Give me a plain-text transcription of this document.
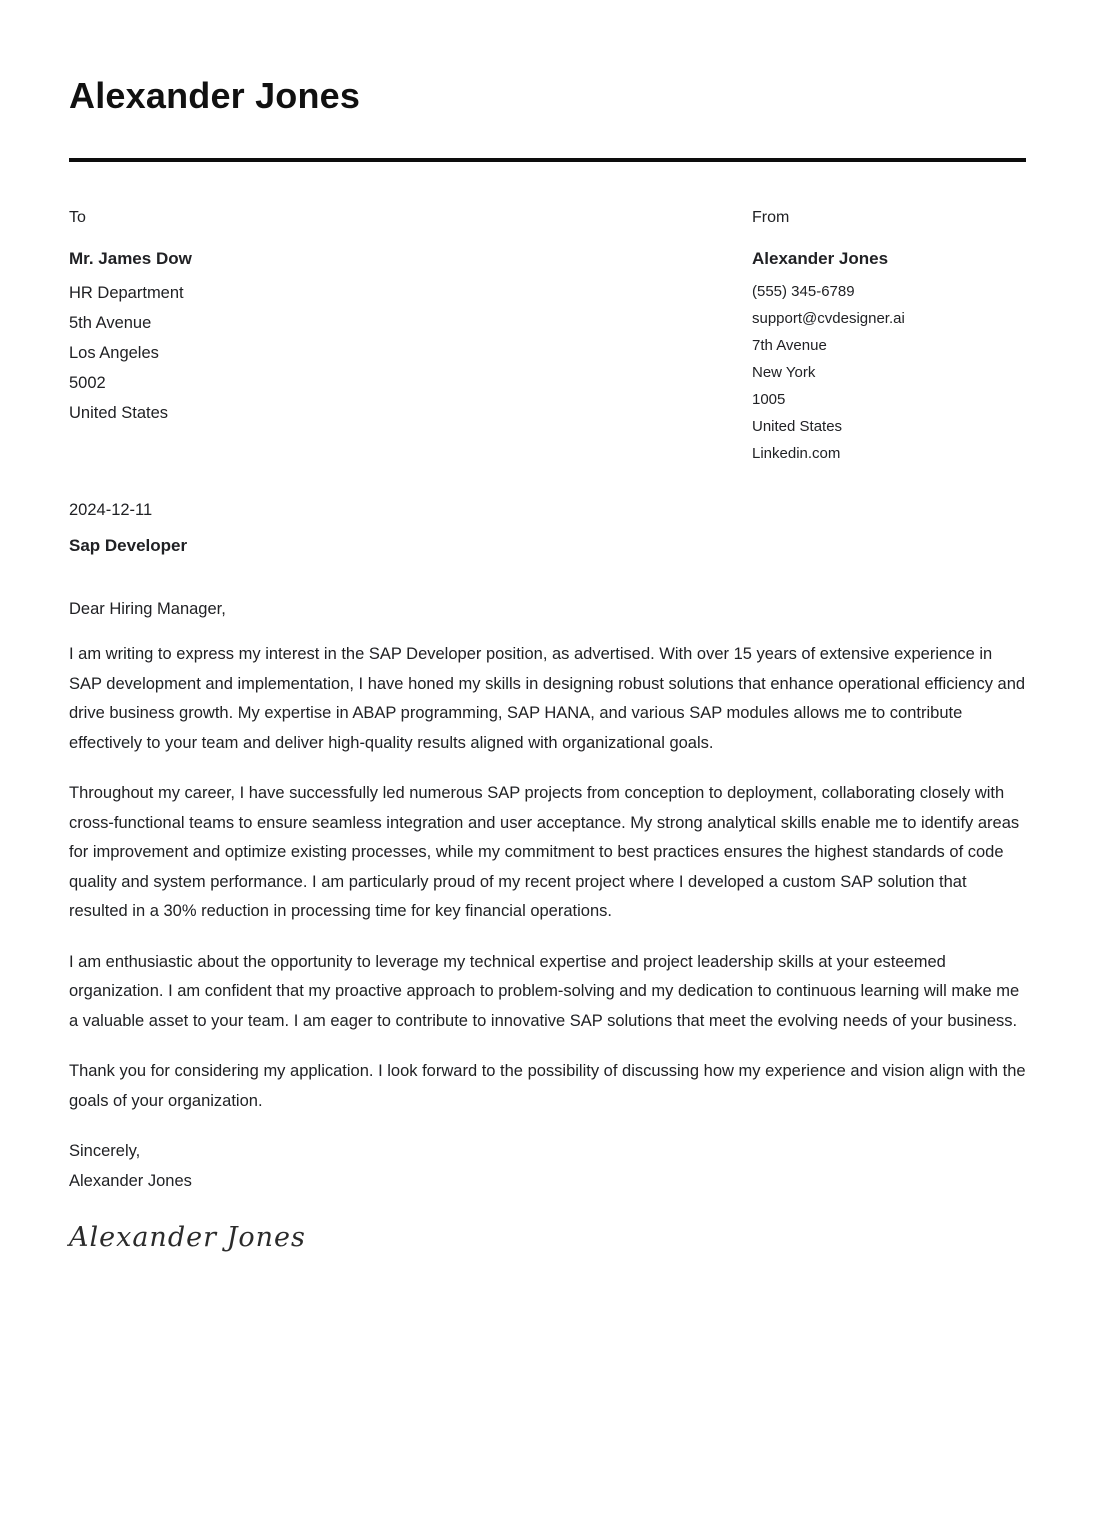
Alexander Jones
To
Mr. James Dow
HR Department
5th Avenue
Los Angeles
5002
United States
From
Alexander Jones
(555) 345-6789
support@cvdesigner.ai
7th Avenue
New York
1005
United States
Linkedin.com
2024-12-11
Sap Developer
Dear Hiring Manager,

I am writing to express my interest in the SAP Developer position, as advertised. With over 15 years of extensive experience in SAP development and implementation, I have honed my skills in designing robust solutions that enhance operational efficiency and drive business growth. My expertise in ABAP programming, SAP HANA, and various SAP modules allows me to contribute effectively to your team and deliver high-quality results aligned with organizational goals.

Throughout my career, I have successfully led numerous SAP projects from conception to deployment, collaborating closely with cross-functional teams to ensure seamless integration and user acceptance. My strong analytical skills enable me to identify areas for improvement and optimize existing processes, while my commitment to best practices ensures the highest standards of code quality and system performance. I am particularly proud of my recent project where I developed a custom SAP solution that resulted in a 30% reduction in processing time for key financial operations.

I am enthusiastic about the opportunity to leverage my technical expertise and project leadership skills at your esteemed organization. I am confident that my proactive approach to problem-solving and my dedication to continuous learning will make me a valuable asset to your team. I am eager to contribute to innovative SAP solutions that meet the evolving needs of your business.

Thank you for considering my application. I look forward to the possibility of discussing how my experience and vision align with the goals of your organization.

Sincerely,
Alexander Jones
Alexander Jones
